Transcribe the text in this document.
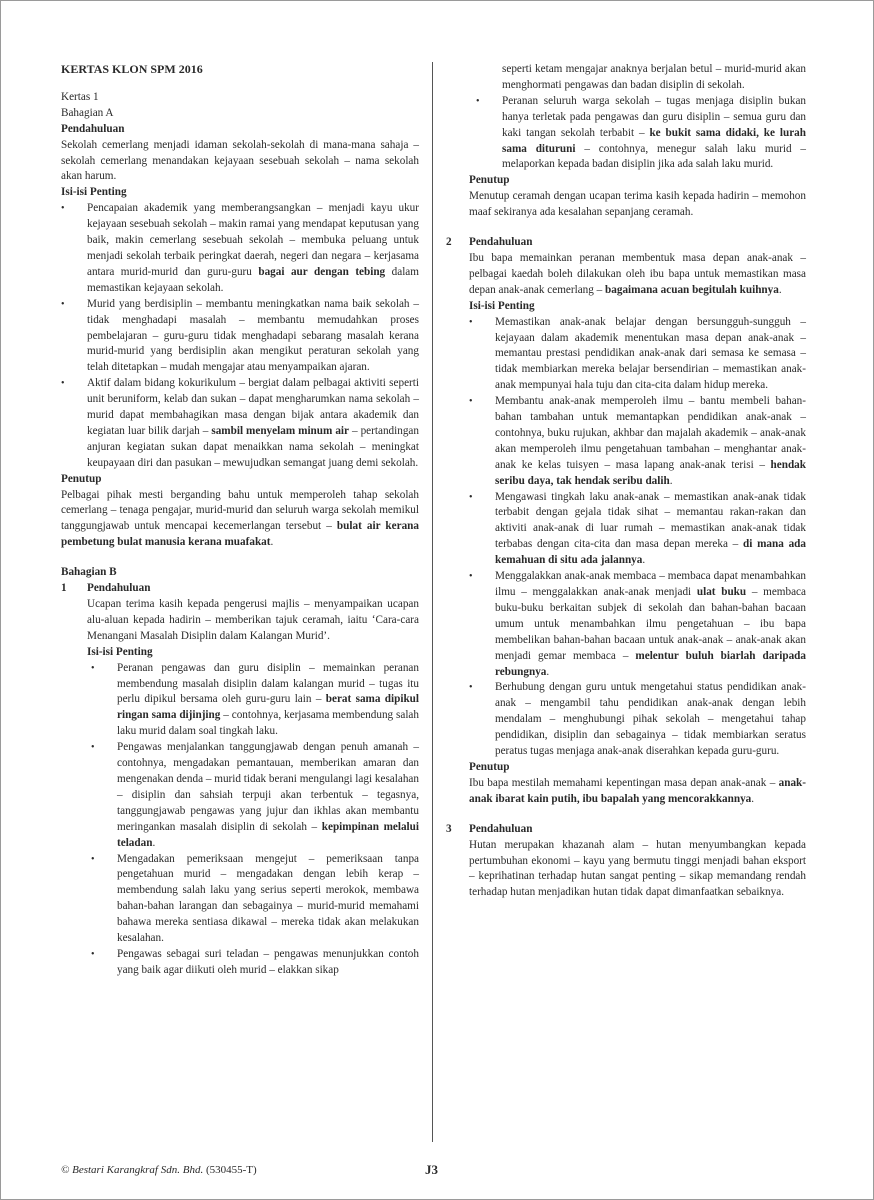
KERTAS KLON SPM 2016

Kertas 1

Bahagian A

Pendahuluan

Sekolah cemerlang menjadi idaman sekolah-sekolah di mana-mana sahaja – sekolah cemerlang menandakan kejayaan sesebuah sekolah – nama sekolah akan harum.

Isi-isi Penting

• Pencapaian akademik yang memberangsangkan – menjadi kayu ukur kejayaan sesebuah sekolah – makin ramai yang mendapat keputusan yang baik, makin cemerlang sesebuah sekolah – membuka peluang untuk menjadi sekolah terbaik peringkat daerah, negeri dan negara – kerjasama antara murid-murid dan guru-guru bagai aur dengan tebing dalam memastikan kejayaan sekolah.
• Murid yang berdisiplin – membantu meningkatkan nama baik sekolah – tidak menghadapi masalah – membantu memudahkan proses pembelajaran – guru-guru tidak menghadapi sebarang masalah kerana murid-murid yang berdisiplin akan mengikut peraturan sekolah yang telah ditetapkan – mudah mengajar atau menyampaikan ajaran.
• Aktif dalam bidang kokurikulum – bergiat dalam pelbagai aktiviti seperti unit beruniform, kelab dan sukan – dapat mengharumkan nama sekolah – murid dapat membahagikan masa dengan bijak antara akademik dan kegiatan luar bilik darjah – sambil menyelam minum air – pertandingan anjuran kegiatan sukan dapat menaikkan nama sekolah – meningkat keupayaan diri dan pasukan – mewujudkan semangat juang demi sekolah.

Penutup

Pelbagai pihak mesti berganding bahu untuk memperoleh tahap sekolah cemerlang – tenaga pengajar, murid-murid dan seluruh warga sekolah memikul tanggungjawab untuk mencapai kecemerlangan tersebut – bulat air kerana pembetung bulat manusia kerana muafakat.

Bahagian B

1	Pendahuluan

Ucapan terima kasih kepada pengerusi majlis – menyampaikan ucapan alu-aluan kepada hadirin – memberikan tajuk ceramah, iaitu ‘Cara-cara Menangani Masalah Disiplin dalam Kalangan Murid’.

Isi-isi Penting

• Peranan pengawas dan guru disiplin – memainkan peranan membendung masalah disiplin dalam kalangan murid – tugas itu perlu dipikul bersama oleh guru-guru lain – berat sama dipikul ringan sama dijinjing – contohnya, kerjasama membendung salah laku murid dalam soal tingkah laku.
• Pengawas menjalankan tanggungjawab dengan penuh amanah – contohnya, mengadakan pemantauan, memberikan amaran dan mengenakan denda – murid tidak berani mengulangi lagi kesalahan – disiplin dan sahsiah terpuji akan terbentuk – tegasnya, tanggungjawab pengawas yang jujur dan ikhlas akan membantu meringankan masalah disiplin di sekolah – kepimpinan melalui teladan.
• Mengadakan pemeriksaan mengejut – pemeriksaan tanpa pengetahuan murid – mengadakan dengan lebih kerap – membendung salah laku yang serius seperti merokok, membawa bahan-bahan larangan dan sebagainya – murid-murid memahami bahawa mereka sentiasa dikawal – mereka tidak akan melakukan kesalahan.
• Pengawas sebagai suri teladan – pengawas menunjukkan contoh yang baik agar diikuti oleh murid – elakkan sikap

seperti ketam mengajar anaknya berjalan betul – murid-murid akan menghormati pengawas dan badan disiplin di sekolah.

• Peranan seluruh warga sekolah – tugas menjaga disiplin bukan hanya terletak pada pengawas dan guru disiplin – semua guru dan kaki tangan sekolah terbabit – ke bukit sama didaki, ke lurah sama dituruni – contohnya, menegur salah laku murid – melaporkan kepada badan disiplin jika ada salah laku murid.

Penutup

Menutup ceramah dengan ucapan terima kasih kepada hadirin – memohon maaf sekiranya ada kesalahan sepanjang ceramah.

2	Pendahuluan

Ibu bapa memainkan peranan membentuk masa depan anak-anak – pelbagai kaedah boleh dilakukan oleh ibu bapa untuk memastikan masa depan anak-anak cemerlang – bagaimana acuan begitulah kuihnya.

Isi-isi Penting

• Memastikan anak-anak belajar dengan bersungguh-sungguh – kejayaan dalam akademik menentukan masa depan anak-anak – memantau prestasi pendidikan anak-anak dari semasa ke semasa – tidak membiarkan mereka belajar bersendirian – memastikan anak-anak mempunyai hala tuju dan cita-cita dalam hidup mereka.
• Membantu anak-anak memperoleh ilmu – bantu membeli bahan-bahan tambahan untuk memantapkan pendidikan anak-anak – contohnya, buku rujukan, akhbar dan majalah akademik – anak-anak akan memperoleh ilmu pengetahuan tambahan – menghantar anak-anak ke kelas tuisyen – masa lapang anak-anak terisi – hendak seribu daya, tak hendak seribu dalih.
• Mengawasi tingkah laku anak-anak – memastikan anak-anak tidak terbabit dengan gejala tidak sihat – memantau rakan-rakan dan aktiviti anak-anak di luar rumah – memastikan anak-anak tidak terbabas dengan cita-cita dan masa depan mereka – di mana ada kemahuan di situ ada jalannya.
• Menggalakkan anak-anak membaca – membaca dapat menambahkan ilmu – menggalakkan anak-anak menjadi ulat buku – membaca buku-buku berkaitan subjek di sekolah dan bahan-bahan bacaan umum untuk menambahkan ilmu pengetahuan – ibu bapa membelikan bahan-bahan bacaan untuk anak-anak – anak-anak akan menjadi gemar membaca – melentur buluh biarlah daripada rebungnya.
• Berhubung dengan guru untuk mengetahui status pendidikan anak-anak – mengambil tahu pendidikan anak-anak dengan lebih mendalam – menghubungi pihak sekolah – mengetahui tahap pendidikan, disiplin dan sebagainya – tidak membiarkan seratus peratus tugas menjaga anak-anak diserahkan kepada guru-guru.

Penutup

Ibu bapa mestilah memahami kepentingan masa depan anak-anak – anak-anak ibarat kain putih, ibu bapalah yang mencorakkannya.

3	Pendahuluan

Hutan merupakan khazanah alam – hutan menyumbangkan kepada pertumbuhan ekonomi – kayu yang bermutu tinggi menjadi bahan eksport – keprihatinan terhadap hutan sangat penting – sikap memandang rendah terhadap hutan menjadikan hutan tidak dapat dimanfaatkan sebaiknya.

© Bestari Karangkraf Sdn. Bhd. (530455-T)	J3
